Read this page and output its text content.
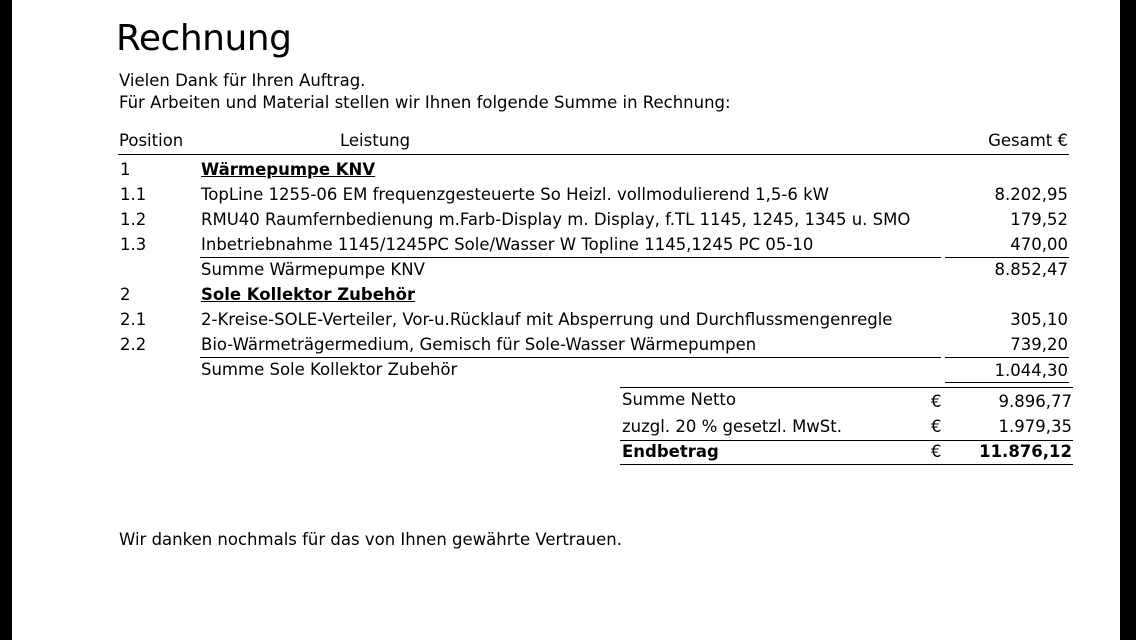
Rechnung
Vielen Dank für Ihren Auftrag.
Für Arbeiten und Material stellen wir Ihnen folgende Summe in Rechnung:
Position	Leistung	Gesamt €
1	Wärmepumpe KNV
1.1	TopLine 1255-06 EM frequenzgesteuerte So Heizl. vollmodulierend 1,5-6 kW	8.202,95
1.2	RMU40 Raumfernbedienung m.Farb-Display m. Display, f.TL 1145, 1245, 1345 u. SMO	179,52
1.3	Inbetriebnahme 1145/1245PC Sole/Wasser W Topline 1145,1245 PC 05-10	470,00
Summe Wärmepumpe KNV	8.852,47
2	Sole Kollektor Zubehör
2.1	2-Kreise-SOLE-Verteiler, Vor-u.Rücklauf mit Absperrung und Durchflussmengenregle	305,10
2.2	Bio-Wärmeträgermedium, Gemisch für Sole-Wasser Wärmepumpen	739,20
Summe Sole Kollektor Zubehör	1.044,30
Summe Netto	€	9.896,77
zuzgl. 20 % gesetzl. MwSt.	€	1.979,35
Endbetrag	€	11.876,12
Wir danken nochmals für das von Ihnen gewährte Vertrauen.
